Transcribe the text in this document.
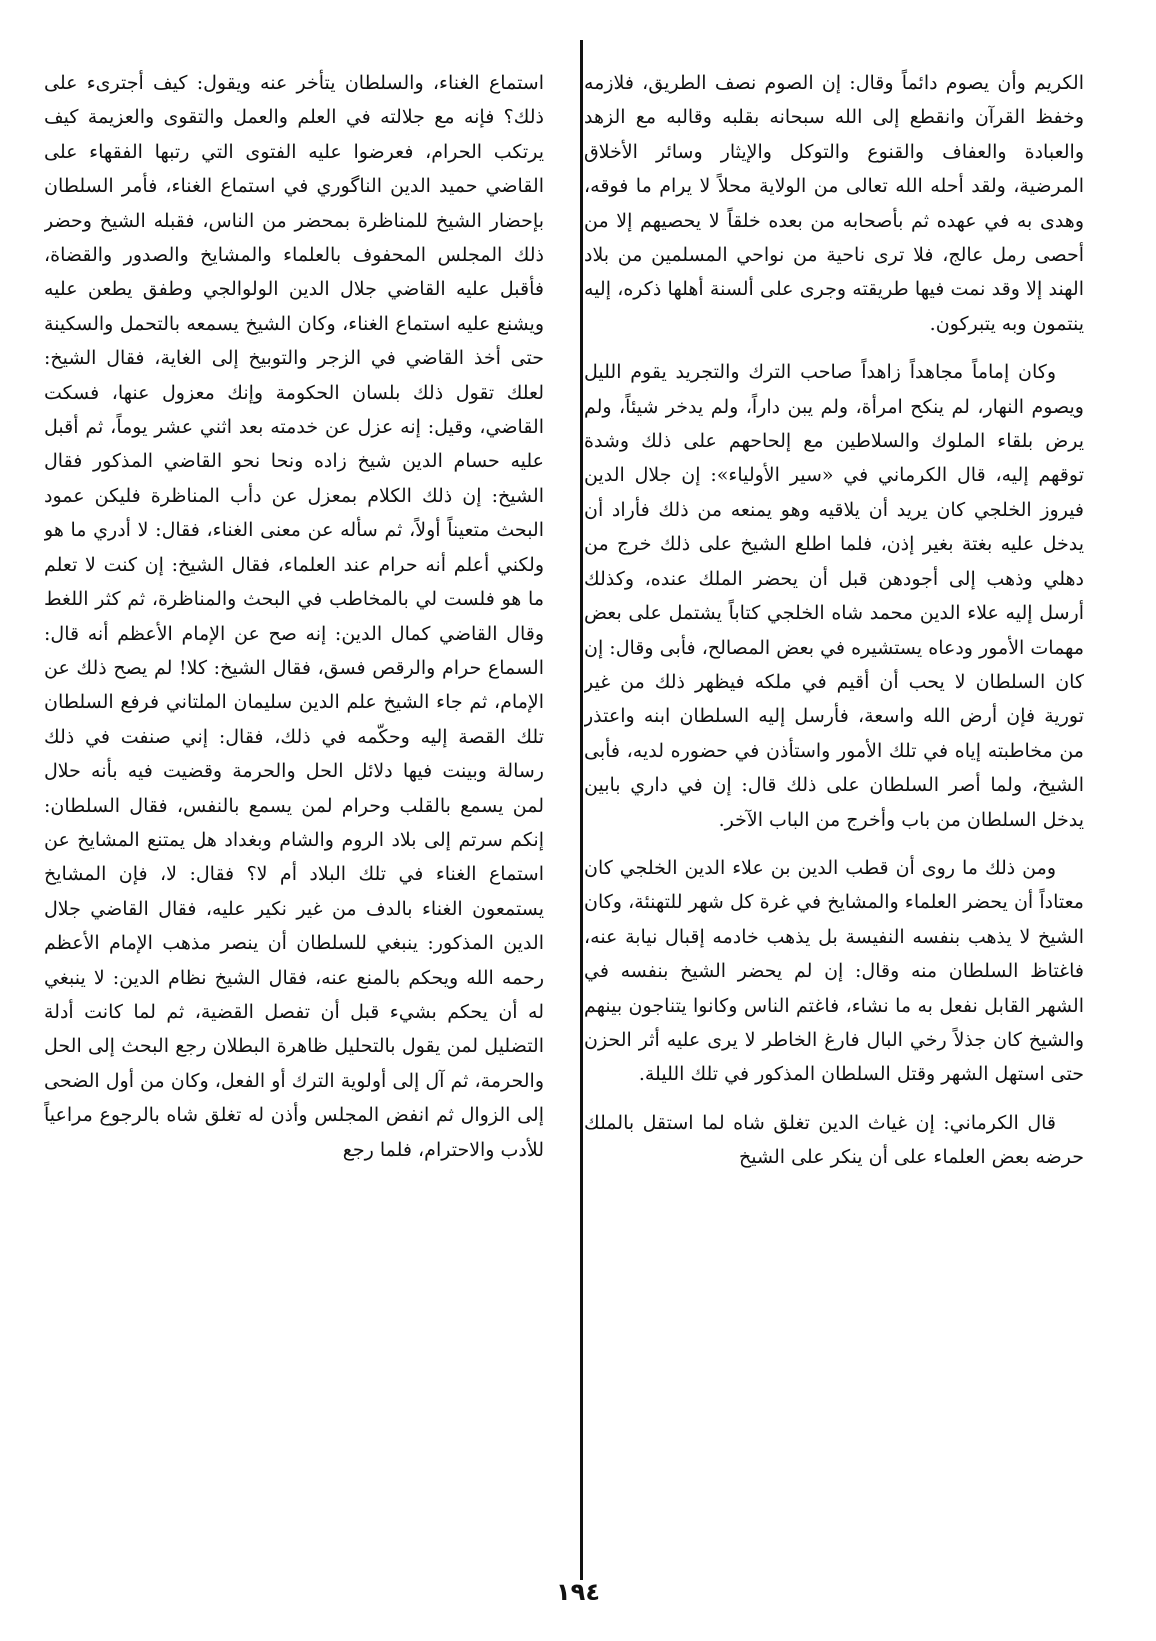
الكريم وأن يصوم دائماً وقال: إن الصوم نصف الطريق، فلازمه وخفظ القرآن وانقطع إلى الله سبحانه بقلبه وقالبه مع الزهد والعبادة والعفاف والقنوع والتوكل والإيثار وسائر الأخلاق المرضية، ولقد أحله الله تعالى من الولاية محلاً لا يرام ما فوقه، وهدى به في عهده ثم بأصحابه من بعده خلقاً لا يحصيهم إلا من أحصى رمل عالج، فلا ترى ناحية من نواحي المسلمين من بلاد الهند إلا وقد نمت فيها طريقته وجرى على ألسنة أهلها ذكره، إليه ينتمون وبه يتبركون.

وكان إماماً مجاهداً زاهداً صاحب الترك والتجريد يقوم الليل ويصوم النهار، لم ينكح امرأة، ولم يبن داراً، ولم يدخر شيئاً، ولم يرض بلقاء الملوك والسلاطين مع إلحاحهم على ذلك وشدة توقهم إليه، قال الكرماني في «سير الأولياء»: إن جلال الدين فيروز الخلجي كان يريد أن يلاقيه وهو يمنعه من ذلك فأراد أن يدخل عليه بغتة بغير إذن، فلما اطلع الشيخ على ذلك خرج من دهلي وذهب إلى أجودهن قبل أن يحضر الملك عنده، وكذلك أرسل إليه علاء الدين محمد شاه الخلجي كتاباً يشتمل على بعض مهمات الأمور ودعاه يستشيره في بعض المصالح، فأبى وقال: إن كان السلطان لا يحب أن أقيم في ملكه فيظهر ذلك من غير تورية فإن أرض الله واسعة، فأرسل إليه السلطان ابنه واعتذر من مخاطبته إياه في تلك الأمور واستأذن في حضوره لديه، فأبى الشيخ، ولما أصر السلطان على ذلك قال: إن في داري بابين يدخل السلطان من باب وأخرج من الباب الآخر.

ومن ذلك ما روى أن قطب الدين بن علاء الدين الخلجي كان معتاداً أن يحضر العلماء والمشايخ في غرة كل شهر للتهنئة، وكان الشيخ لا يذهب بنفسه النفيسة بل يذهب خادمه إقبال نيابة عنه، فاغتاظ السلطان منه وقال: إن لم يحضر الشيخ بنفسه في الشهر القابل نفعل به ما نشاء، فاغتم الناس وكانوا يتناجون بينهم والشيخ كان جذلاً رخي البال فارغ الخاطر لا يرى عليه أثر الحزن حتى استهل الشهر وقتل السلطان المذكور في تلك الليلة.

قال الكرماني: إن غياث الدين تغلق شاه لما استقل بالملك حرضه بعض العلماء على أن ينكر على الشيخ

استماع الغناء، والسلطان يتأخر عنه ويقول: كيف أجترىء على ذلك؟ فإنه مع جلالته في العلم والعمل والتقوى والعزيمة كيف يرتكب الحرام، فعرضوا عليه الفتوى التي رتبها الفقهاء على القاضي حميد الدين الناگوري في استماع الغناء، فأمر السلطان بإحضار الشيخ للمناظرة بمحضر من الناس، فقبله الشيخ وحضر ذلك المجلس المحفوف بالعلماء والمشايخ والصدور والقضاة، فأقبل عليه القاضي جلال الدين الولوالجي وطفق يطعن عليه ويشنع عليه استماع الغناء، وكان الشيخ يسمعه بالتحمل والسكينة حتى أخذ القاضي في الزجر والتوبيخ إلى الغاية، فقال الشيخ: لعلك تقول ذلك بلسان الحكومة وإنك معزول عنها، فسكت القاضي، وقيل: إنه عزل عن خدمته بعد اثني عشر يوماً، ثم أقبل عليه حسام الدين شيخ زاده ونحا نحو القاضي المذكور فقال الشيخ: إن ذلك الكلام بمعزل عن دأب المناظرة فليكن عمود البحث متعيناً أولاً، ثم سأله عن معنى الغناء، فقال: لا أدري ما هو ولكني أعلم أنه حرام عند العلماء، فقال الشيخ: إن كنت لا تعلم ما هو فلست لي بالمخاطب في البحث والمناظرة، ثم كثر اللغط وقال القاضي كمال الدين: إنه صح عن الإمام الأعظم أنه قال: السماع حرام والرقص فسق، فقال الشيخ: كلا! لم يصح ذلك عن الإمام، ثم جاء الشيخ علم الدين سليمان الملتاني فرفع السلطان تلك القصة إليه وحكّمه في ذلك، فقال: إني صنفت في ذلك رسالة وبينت فيها دلائل الحل والحرمة وقضيت فيه بأنه حلال لمن يسمع بالقلب وحرام لمن يسمع بالنفس، فقال السلطان: إنكم سرتم إلى بلاد الروم والشام وبغداد هل يمتنع المشايخ عن استماع الغناء في تلك البلاد أم لا؟ فقال: لا، فإن المشايخ يستمعون الغناء بالدف من غير نكير عليه، فقال القاضي جلال الدين المذكور: ينبغي للسلطان أن ينصر مذهب الإمام الأعظم رحمه الله ويحكم بالمنع عنه، فقال الشيخ نظام الدين: لا ينبغي له أن يحكم بشيء قبل أن تفصل القضية، ثم لما كانت أدلة التضليل لمن يقول بالتحليل ظاهرة البطلان رجع البحث إلى الحل والحرمة، ثم آل إلى أولوية الترك أو الفعل، وكان من أول الضحى إلى الزوال ثم انفض المجلس وأذن له تغلق شاه بالرجوع مراعياً للأدب والاحترام، فلما رجع

١٩٤
